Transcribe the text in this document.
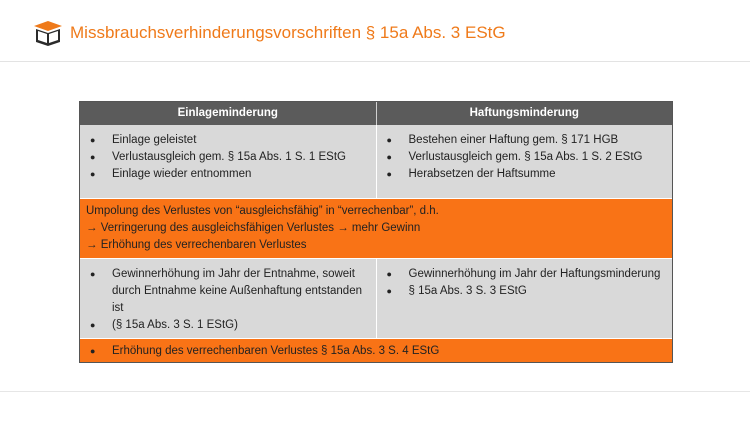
Missbrauchsverhinderungsvorschriften § 15a Abs. 3 EStG
Einlageminderung	Haftungsminderung
● Einlage geleistet
● Verlustausgleich gem. § 15a Abs. 1 S. 1 EStG
● Einlage wieder entnommen
● Bestehen einer Haftung gem. § 171 HGB
● Verlustausgleich gem. § 15a Abs. 1 S. 2 EStG
● Herabsetzen der Haftsumme
Umpolung des Verlustes von “ausgleichsfähig” in “verrechenbar”, d.h.
→ Verringerung des ausgleichsfähigen Verlustes → mehr Gewinn
→ Erhöhung des verrechenbaren Verlustes
● Gewinnerhöhung im Jahr der Entnahme, soweit durch Entnahme keine Außenhaftung entstanden ist
● (§ 15a Abs. 3 S. 1 EStG)
● Gewinnerhöhung im Jahr der Haftungsminderung
● § 15a Abs. 3 S. 3 EStG
● Erhöhung des verrechenbaren Verlustes § 15a Abs. 3 S. 4 EStG
